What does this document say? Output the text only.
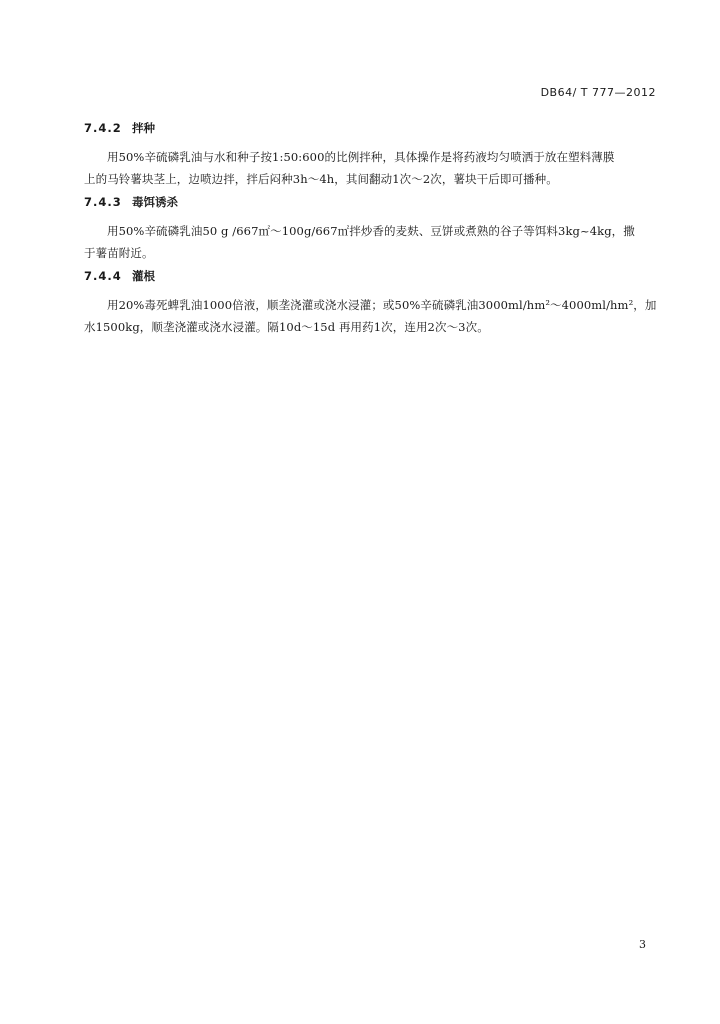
DB64/ T 777—2012
7.4.2 拌种

用50%辛硫磷乳油与水和种子按1:50:600的比例拌种，具体操作是将药液均匀喷洒于放在塑料薄膜
上的马铃薯块茎上，边喷边拌，拌后闷种3h～4h，其间翻动1次～2次，薯块干后即可播种。

7.4.3 毒饵诱杀

用50%辛硫磷乳油50 g /667㎡～100g/667㎡拌炒香的麦麸、豆饼或煮熟的谷子等饵料3kg~4kg，撒
于薯苗附近。

7.4.4 灌根

用20%毒死蜱乳油1000倍液，顺垄浇灌或浇水浸灌；或50%辛硫磷乳油3000ml/hm²～4000ml/hm²，加
水1500kg，顺垄浇灌或浇水浸灌。隔10d～15d 再用药1次，连用2次～3次。

3
